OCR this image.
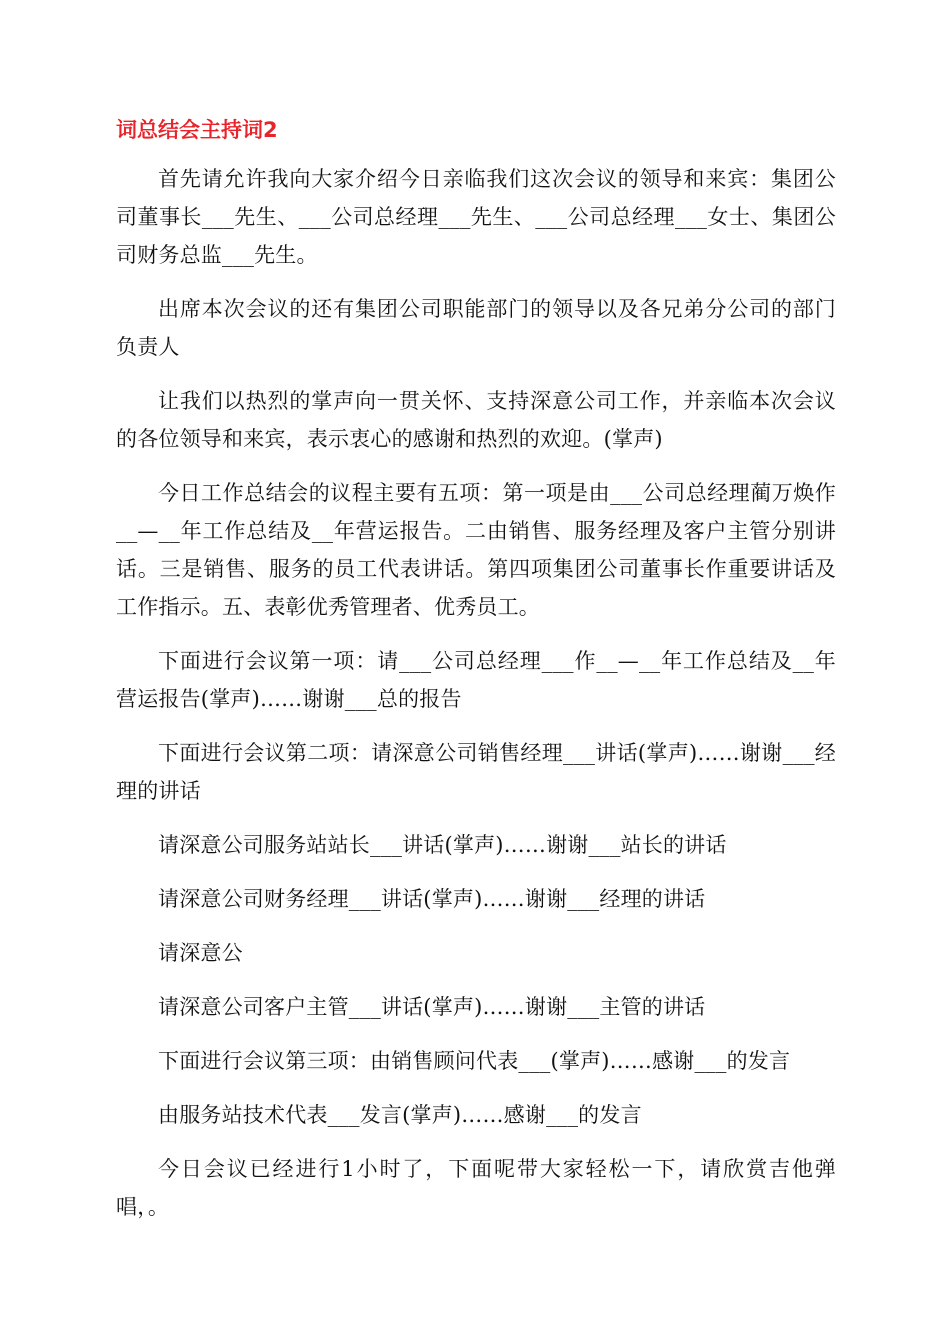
词总结会主持词2

首先请允许我向大家介绍今日亲临我们这次会议的领导和来宾：集团公司董事长___先生、___公司总经理___先生、___公司总经理___女士、集团公司财务总监___先生。

出席本次会议的还有集团公司职能部门的领导以及各兄弟分公司的部门负责人

让我们以热烈的掌声向一贯关怀、支持深意公司工作，并亲临本次会议的各位领导和来宾，表示衷心的感谢和热烈的欢迎。(掌声)

今日工作总结会的议程主要有五项：第一项是由___公司总经理蔺万焕作__—__年工作总结及__年营运报告。二由销售、服务经理及客户主管分别讲话。三是销售、服务的员工代表讲话。第四项集团公司董事长作重要讲话及工作指示。五、表彰优秀管理者、优秀员工。

下面进行会议第一项：请___公司总经理___作__—__年工作总结及__年营运报告(掌声)……谢谢___总的报告

下面进行会议第二项：请深意公司销售经理___讲话(掌声)……谢谢___经理的讲话

请深意公司服务站站长___讲话(掌声)……谢谢___站长的讲话

请深意公司财务经理___讲话(掌声)……谢谢___经理的讲话

请深意公

请深意公司客户主管___讲话(掌声)……谢谢___主管的讲话

下面进行会议第三项：由销售顾问代表___(掌声)……感谢___的发言

由服务站技术代表___发言(掌声)……感谢___的发言

今日会议已经进行1小时了，下面呢带大家轻松一下，请欣赏吉他弹唱，。
